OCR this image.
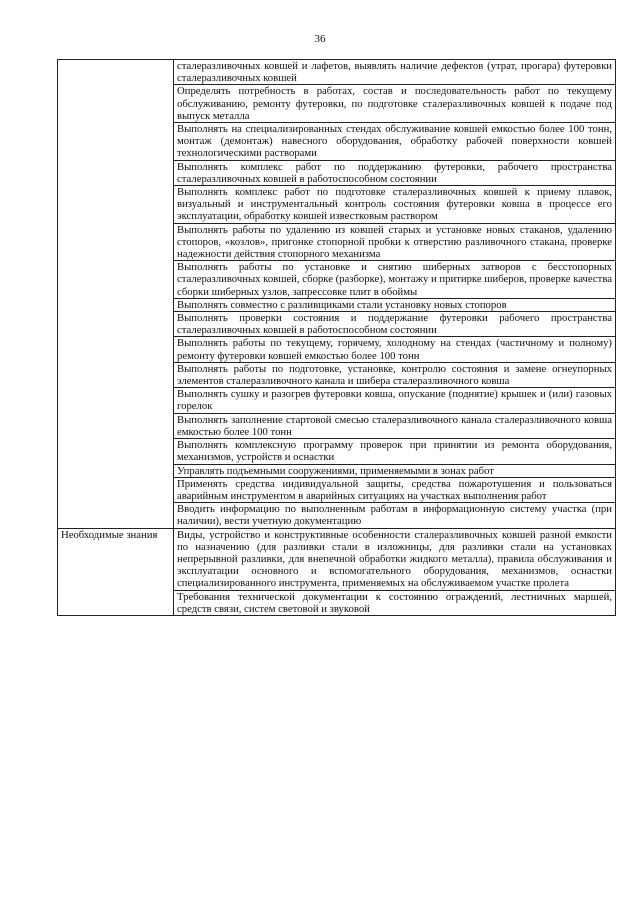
36
	сталеразливочных ковшей и лафетов, выявлять наличие дефектов (утрат, прогара) футеровки сталеразливочных ковшей
	Определять потребность в работах, состав и последовательность работ по текущему обслуживанию, ремонту футеровки, по подготовке сталеразливочных ковшей к подаче под выпуск металла
	Выполнять на специализированных стендах обслуживание ковшей емкостью более 100 тонн, монтаж (демонтаж) навесного оборудования, обработку рабочей поверхности ковшей технологическими растворами
	Выполнять комплекс работ по поддержанию футеровки, рабочего пространства сталеразливочных ковшей в работоспособном состоянии
	Выполнять комплекс работ по подготовке сталеразливочных ковшей к приему плавок, визуальный и инструментальный контроль состояния футеровки ковша в процессе его эксплуатации, обработку ковшей известковым раствором
	Выполнять работы по удалению из ковшей старых и установке новых стаканов, удалению стопоров, «козлов», пригонке стопорной пробки к отверстию разливочного стакана, проверке надежности действия стопорного механизма
	Выполнять работы по установке и снятию шиберных затворов с бесстопорных сталеразливочных ковшей, сборке (разборке), монтажу и притирке шиберов, проверке качества сборки шиберных узлов, запрессовке плит в обоймы
	Выполнять совместно с разливщиками стали установку новых стопоров
	Выполнять проверки состояния и поддержание футеровки рабочего пространства сталеразливочных ковшей в работоспособном состоянии
	Выполнять работы по текущему, горячему, холодному на стендах (частичному и полному) ремонту футеровки ковшей емкостью более 100 тонн
	Выполнять работы по подготовке, установке, контролю состояния и замене огнеупорных элементов сталеразливочного канала и шибера сталеразливочного ковша
	Выполнять сушку и разогрев футеровки ковша, опускание (поднятие) крышек и (или) газовых горелок
	Выполнять заполнение стартовой смесью сталеразливочного канала сталеразливочного ковша емкостью более 100 тонн
	Выполнять комплексную программу проверок при принятии из ремонта оборудования, механизмов, устройств и оснастки
	Управлять подъемными сооружениями, применяемыми в зонах работ
	Применять средства индивидуальной защиты, средства пожаротушения и пользоваться аварийным инструментом в аварийных ситуациях на участках выполнения работ
	Вводить информацию по выполненным работам в информационную систему участка (при наличии), вести учетную документацию
Необходимые знания	Виды, устройство и конструктивные особенности сталеразливочных ковшей разной емкости по назначению (для разливки стали в изложницы, для разливки стали на установках непрерывной разливки, для внепечной обработки жидкого металла), правила обслуживания и эксплуатации основного и вспомогательного оборудования, механизмов, оснастки специализированного инструмента, применяемых на обслуживаемом участке пролета
	Требования технической документации к состоянию ограждений, лестничных маршей, средств связи, систем световой и звуковой
